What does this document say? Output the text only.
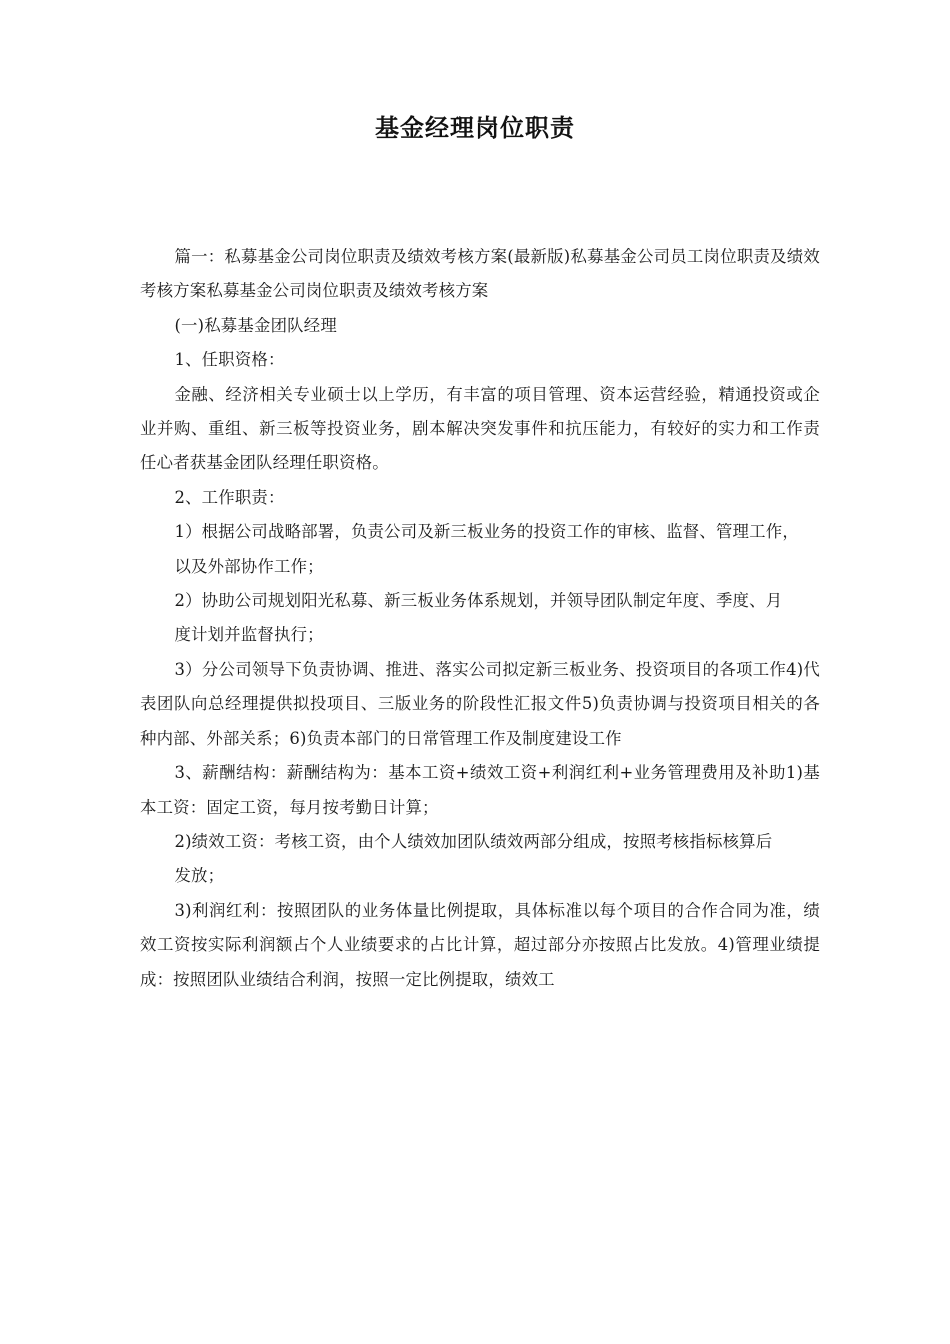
基金经理岗位职责

篇一：私募基金公司岗位职责及绩效考核方案(最新版)私募基金公司员工岗位职责及绩效考核方案私募基金公司岗位职责及绩效考核方案

(一)私募基金团队经理

1、任职资格：

金融、经济相关专业硕士以上学历，有丰富的项目管理、资本运营经验，精通投资或企业并购、重组、新三板等投资业务，剧本解决突发事件和抗压能力，有较好的实力和工作责任心者获基金团队经理任职资格。

2、工作职责：

1）根据公司战略部署，负责公司及新三板业务的投资工作的审核、监督、管理工作，

以及外部协作工作；

2）协助公司规划阳光私募、新三板业务体系规划，并领导团队制定年度、季度、月

度计划并监督执行；

3）分公司领导下负责协调、推进、落实公司拟定新三板业务、投资项目的各项工作4)代表团队向总经理提供拟投项目、三版业务的阶段性汇报文件5)负责协调与投资项目相关的各种内部、外部关系；6)负责本部门的日常管理工作及制度建设工作

3、薪酬结构：薪酬结构为：基本工资+绩效工资+利润红利+业务管理费用及补助1)基本工资：固定工资，每月按考勤日计算；

2)绩效工资：考核工资，由个人绩效加团队绩效两部分组成，按照考核指标核算后

发放；

3)利润红利：按照团队的业务体量比例提取，具体标准以每个项目的合作合同为准，绩效工资按实际利润额占个人业绩要求的占比计算，超过部分亦按照占比发放。4)管理业绩提成：按照团队业绩结合利润，按照一定比例提取，绩效工
